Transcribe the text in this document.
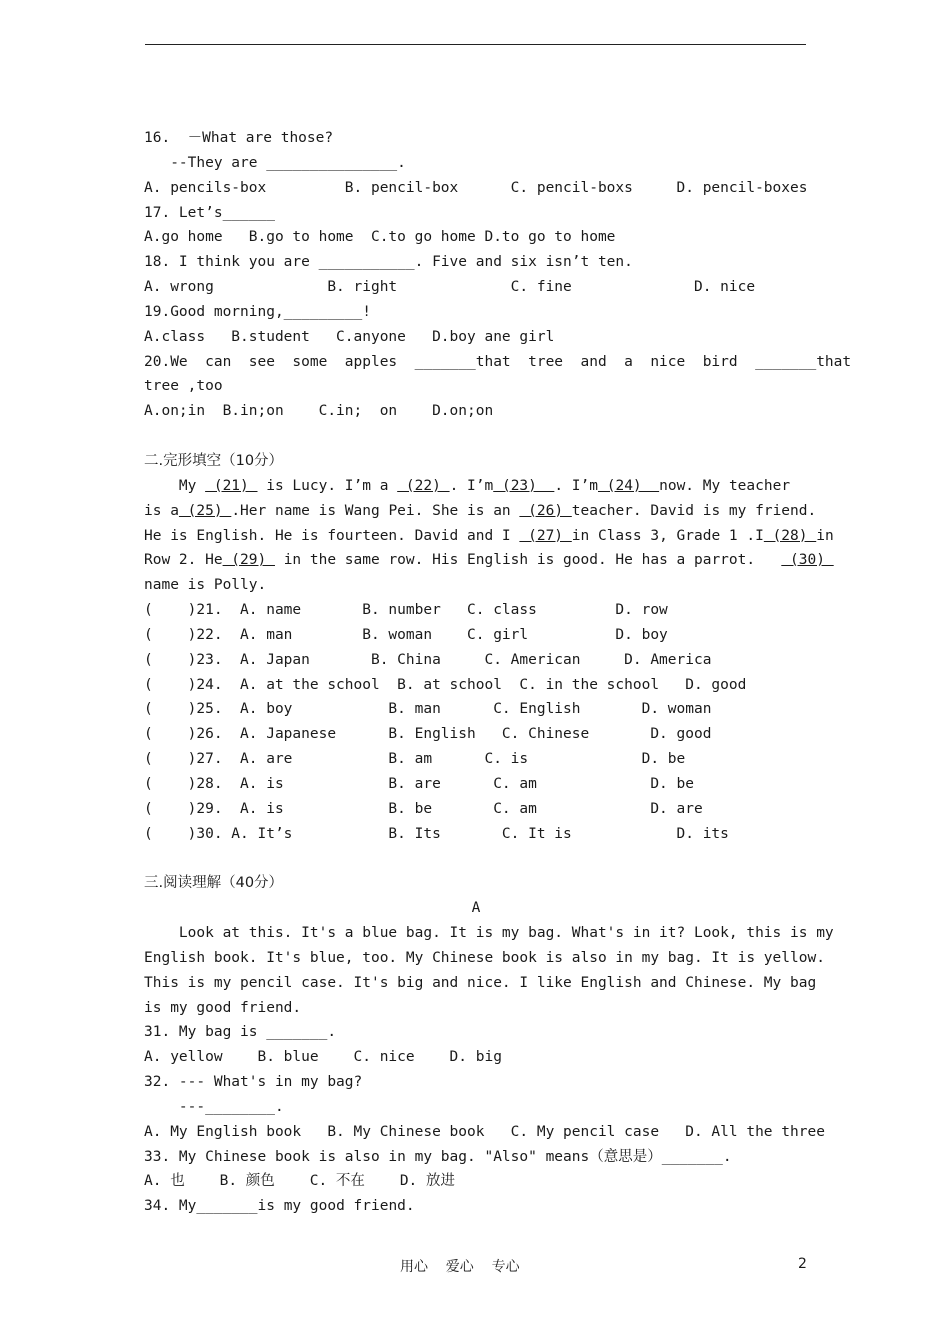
16.  －What are those?
--They are _______________.
A. pencils-box         B. pencil-box      C. pencil-boxs     D. pencil-boxes
17. Let’s______
A.go home   B.go to home  C.to go home D.to go to home
18. I think you are ___________. Five and six isn’t ten.
A. wrong             B. right             C. fine              D. nice
19.Good morning,_________!
A.class   B.student   C.anyone   D.boy ane girl
20.We  can  see  some  apples  _______that  tree  and  a  nice  bird  _______that
tree ,too
A.on;in  B.in;on    C.in;  on    D.on;on
二.完形填空（10分）
My  (21)  is Lucy. I’m a  (22) . I’m (23)  . I’m (24)  now. My teacher
is a (25) .Her name is Wang Pei. She is an  (26) teacher. David is my friend.
He is English. He is fourteen. David and I  (27) in Class 3, Grade 1 .I (28) in
Row 2. He (29)  in the same row. His English is good. He has a parrot.    (30)
name is Polly.
(    )21.  A. name       B. number   C. class         D. row
(    )22.  A. man        B. woman    C. girl          D. boy
(    )23.  A. Japan       B. China     C. American     D. America
(    )24.  A. at the school  B. at school  C. in the school   D. good
(    )25.  A. boy           B. man      C. English       D. woman
(    )26.  A. Japanese      B. English   C. Chinese       D. good
(    )27.  A. are           B. am      C. is             D. be
(    )28.  A. is            B. are      C. am             D. be
(    )29.  A. is            B. be       C. am             D. are
(    )30. A. It’s           B. Its       C. It is            D. its
三.阅读理解（40分）
A
Look at this. It's a blue bag. It is my bag. What's in it? Look, this is my
English book. It's blue, too. My Chinese book is also in my bag. It is yellow.
This is my pencil case. It's big and nice. I like English and Chinese. My bag
is my good friend.
31. My bag is _______.
A. yellow    B. blue    C. nice    D. big
32. --- What's in my bag?
---________.
A. My English book   B. My Chinese book   C. My pencil case   D. All the three
33. My Chinese book is also in my bag. "Also" means（意思是）_______.
A. 也    B. 颜色    C. 不在    D. 放进
34. My_______is my good friend.
用心    爱心    专心	2
